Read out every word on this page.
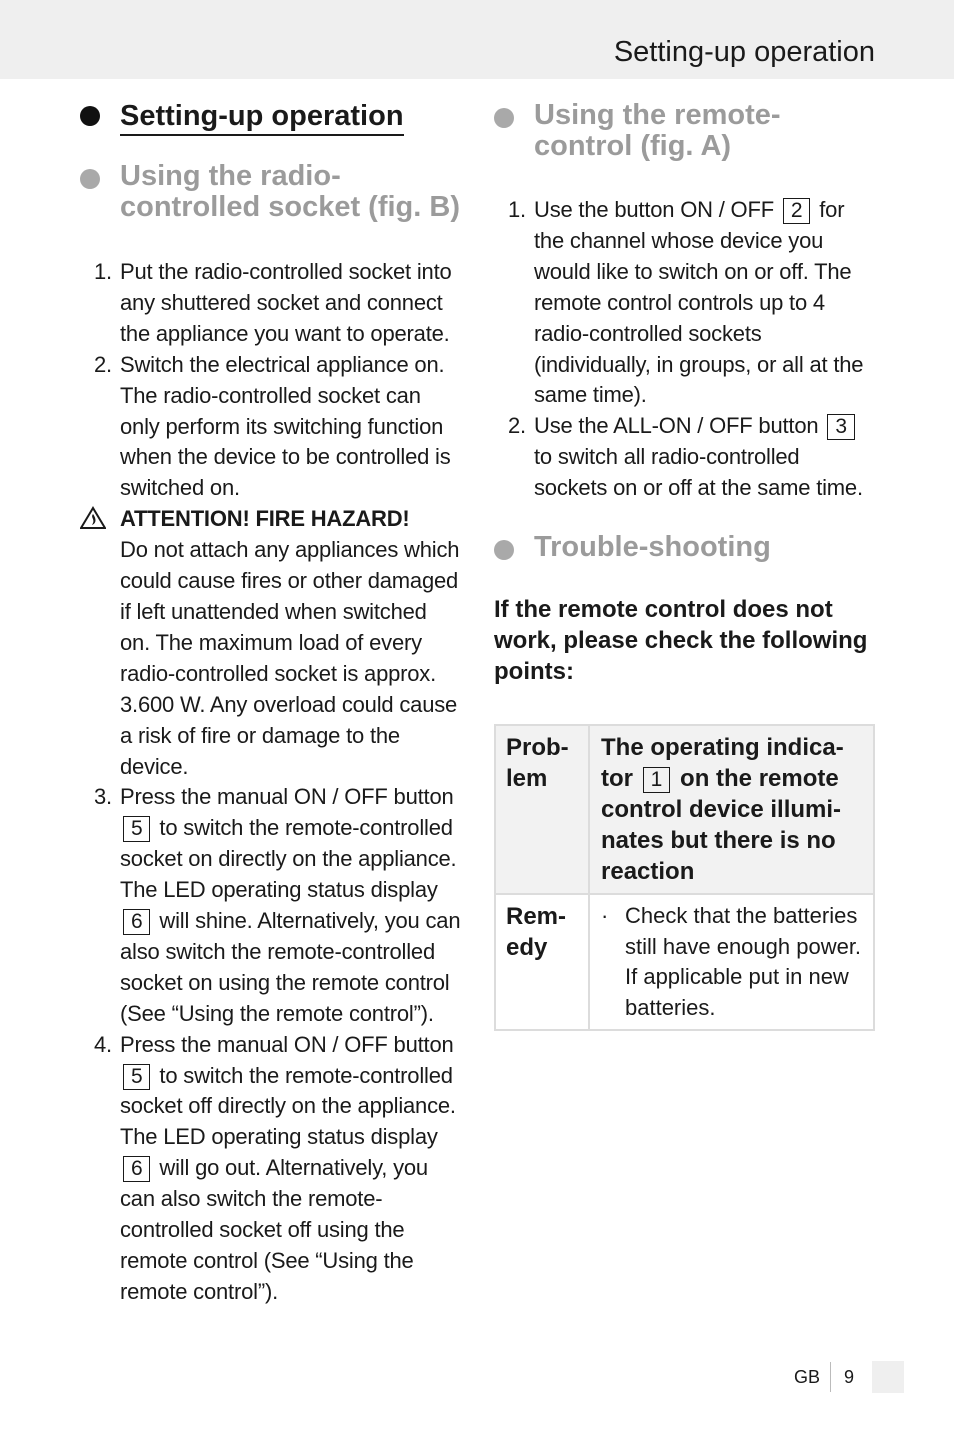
Setting-up operation
Setting-up operation
Using the radio-controlled socket (fig. B)
1. Put the radio-controlled socket into any shuttered socket and connect the appliance you want to operate.
2. Switch the electrical appliance on. The radio-controlled socket can only perform its switching function when the device to be controlled is switched on.
ATTENTION! FIRE HAZARD!
Do not attach any appliances which could cause fires or other damaged if left unattended when switched on. The maximum load of every radio-controlled socket is approx. 3.600 W. Any overload could cause a risk of fire or damage to the device.
3. Press the manual ON / OFF button 5 to switch the remote-controlled socket on directly on the appliance. The LED operating status display 6 will shine. Alternatively, you can also switch the remote-controlled socket on using the remote control (See “Using the remote control”).
4. Press the manual ON / OFF button 5 to switch the remote-controlled socket off directly on the appliance. The LED operating status display 6 will go out. Alternatively, you can also switch the remote-controlled socket off using the remote control (See “Using the remote control”).
Using the remote-control (fig. A)
1. Use the button ON / OFF 2 for the channel whose device you would like to switch on or off. The remote control controls up to 4 radio-controlled sockets (individually, in groups, or all at the same time).
2. Use the ALL-ON / OFF button 3 to switch all radio-controlled sockets on or off at the same time.
Trouble-shooting
If the remote control does not work, please check the following points:
Prob-lem	The operating indica-tor 1 on the remote control device illumi-nates but there is no reaction
Rem-edy	· Check that the batteries still have enough power. If applicable put in new batteries.
GB 9
